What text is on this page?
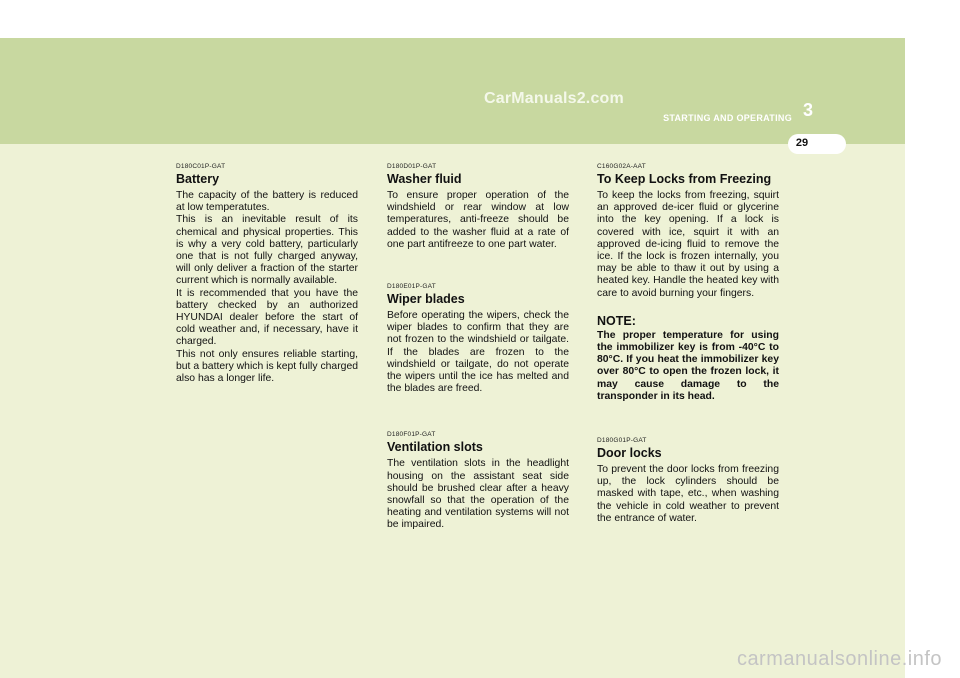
CarManuals2.com
STARTING AND OPERATING 3
29
D180C01P-GAT
Battery

The capacity of the battery is reduced at low temperatutes.
This is an inevitable result of its chemical and physical properties. This is why a very cold battery, particularly one that is not fully charged anyway, will only deliver a fraction of the starter current which is normally available.
It is recommended that you have the battery checked by an authorized HYUNDAI dealer before the start of cold weather and, if necessary, have it charged.
This not only ensures reliable starting, but a battery which is kept fully charged also has a longer life.

D180D01P-GAT
Washer fluid

To ensure proper operation of the windshield or rear window at low temperatures, anti-freeze should be added to the washer fluid at a rate of one part antifreeze to one part water.

D180E01P-GAT
Wiper blades

Before operating the wipers, check the wiper blades to confirm that they are not frozen to the windshield or tailgate. If the blades are frozen to the windshield or tailgate, do not operate the wipers until the ice has melted and the blades are freed.

D180F01P-GAT
Ventilation slots

The ventilation slots in the headlight housing on the assistant seat side should be brushed clear after a heavy snowfall so that the operation of the heating and ventilation systems will not be impaired.

C160G02A-AAT
To Keep Locks from Freezing

To keep the locks from freezing, squirt an approved de-icer fluid or glycerine into the key opening. If a lock is covered with ice, squirt it with an approved de-icing fluid to remove the ice. If the lock is frozen internally, you may be able to thaw it out by using a heated key. Handle the heated key with care to avoid burning your fingers.

NOTE:

The proper temperature for using the immobilizer key is from -40°C to 80°C. If you heat the immobilizer key over 80°C to open the frozen lock, it may cause damage to the transponder in its head.

D180G01P-GAT
Door locks

To prevent the door locks from freezing up, the lock cylinders should be masked with tape, etc., when washing the vehicle in cold weather to prevent the entrance of water.

carmanualsonline.info
